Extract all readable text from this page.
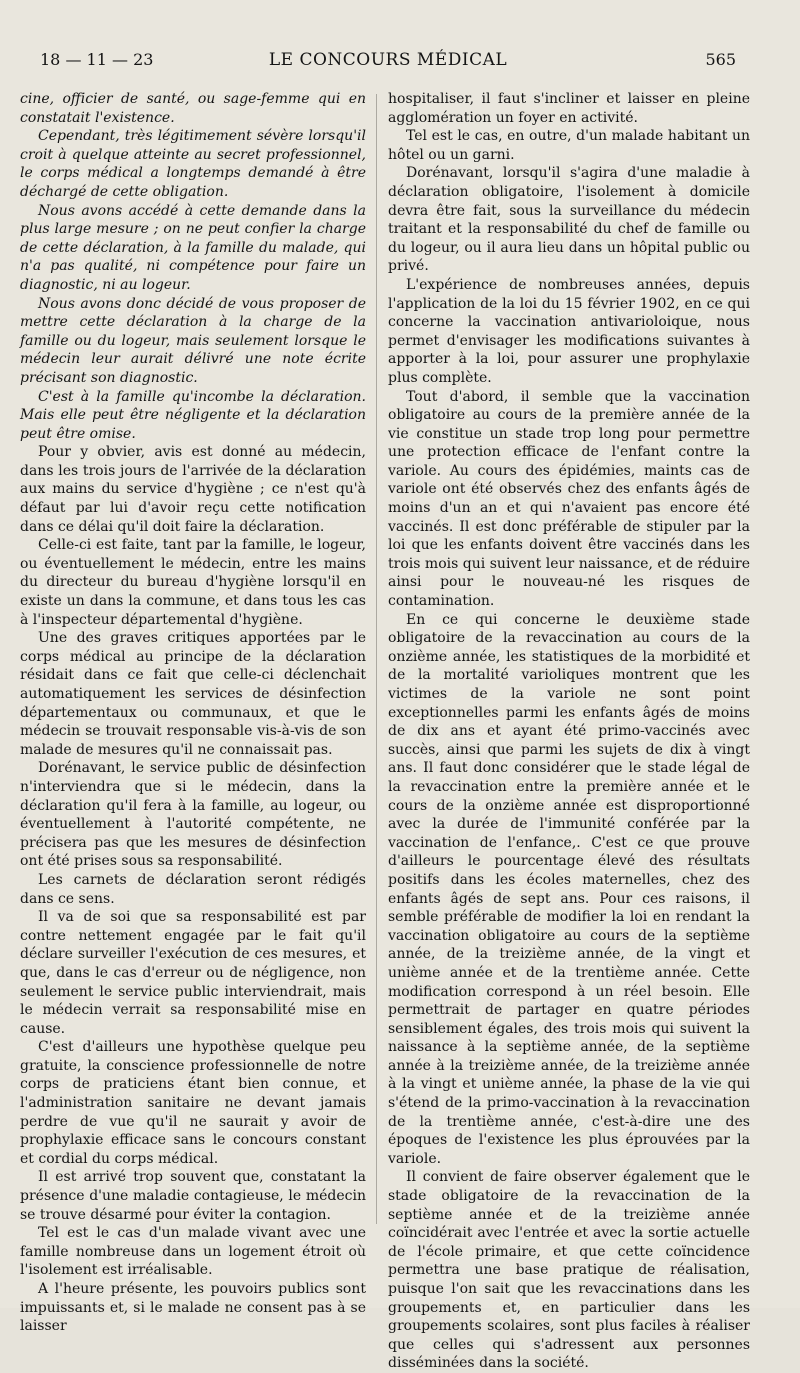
18 — 11 — 23	LE CONCOURS MÉDICAL	565

cine, officier de santé, ou sage-femme qui en constatait l'existence.

Cependant, très légitimement sévère lorsqu'il croit à quelque atteinte au secret professionnel, le corps médical a longtemps demandé à être déchargé de cette obligation.

Nous avons accédé à cette demande dans la plus large mesure ; on ne peut confier la charge de cette déclaration, à la famille du malade, qui n'a pas qualité, ni compétence pour faire un diagnostic, ni au logeur.

Nous avons donc décidé de vous proposer de mettre cette déclaration à la charge de la famille ou du logeur, mais seulement lorsque le médecin leur aurait délivré une note écrite précisant son diagnostic.

C'est à la famille qu'incombe la déclaration. Mais elle peut être négligente et la déclaration peut être omise.

Pour y obvier, avis est donné au médecin, dans les trois jours de l'arrivée de la déclaration aux mains du service d'hygiène ; ce n'est qu'à défaut par lui d'avoir reçu cette notification dans ce délai qu'il doit faire la déclaration.

Celle-ci est faite, tant par la famille, le logeur, ou éventuellement le médecin, entre les mains du directeur du bureau d'hygiène lorsqu'il en existe un dans la commune, et dans tous les cas à l'inspecteur départemental d'hygiène.

Une des graves critiques apportées par le corps médical au principe de la déclaration résidait dans ce fait que celle-ci déclenchait automatiquement les services de désinfection départementaux ou communaux, et que le médecin se trouvait responsable vis-à-vis de son malade de mesures qu'il ne connaissait pas.

Dorénavant, le service public de désinfection n'interviendra que si le médecin, dans la déclaration qu'il fera à la famille, au logeur, ou éventuellement à l'autorité compétente, ne précisera pas que les mesures de désinfection ont été prises sous sa responsabilité.

Les carnets de déclaration seront rédigés dans ce sens.

Il va de soi que sa responsabilité est par contre nettement engagée par le fait qu'il déclare surveiller l'exécution de ces mesures, et que, dans le cas d'erreur ou de négligence, non seulement le service public interviendrait, mais le médecin verrait sa responsabilité mise en cause.

C'est d'ailleurs une hypothèse quelque peu gratuite, la conscience professionnelle de notre corps de praticiens étant bien connue, et l'administration sanitaire ne devant jamais perdre de vue qu'il ne saurait y avoir de prophylaxie efficace sans le concours constant et cordial du corps médical.

Il est arrivé trop souvent que, constatant la présence d'une maladie contagieuse, le médecin se trouve désarmé pour éviter la contagion.

Tel est le cas d'un malade vivant avec une famille nombreuse dans un logement étroit où l'isolement est irréalisable.

A l'heure présente, les pouvoirs publics sont impuissants et, si le malade ne consent pas à se laisser

hospitaliser, il faut s'incliner et laisser en pleine agglomération un foyer en activité.

Tel est le cas, en outre, d'un malade habitant un hôtel ou un garni.

Dorénavant, lorsqu'il s'agira d'une maladie à déclaration obligatoire, l'isolement à domicile devra être fait, sous la surveillance du médecin traitant et la responsabilité du chef de famille ou du logeur, ou il aura lieu dans un hôpital public ou privé.

L'expérience de nombreuses années, depuis l'application de la loi du 15 février 1902, en ce qui concerne la vaccination antivarioloique, nous permet d'envisager les modifications suivantes à apporter à la loi, pour assurer une prophylaxie plus complète.

Tout d'abord, il semble que la vaccination obligatoire au cours de la première année de la vie constitue un stade trop long pour permettre une protection efficace de l'enfant contre la variole. Au cours des épidémies, maints cas de variole ont été observés chez des enfants âgés de moins d'un an et qui n'avaient pas encore été vaccinés. Il est donc préférable de stipuler par la loi que les enfants doivent être vaccinés dans les trois mois qui suivent leur naissance, et de réduire ainsi pour le nouveau-né les risques de contamination.

En ce qui concerne le deuxième stade obligatoire de la revaccination au cours de la onzième année, les statistiques de la morbidité et de la mortalité varioliques montrent que les victimes de la variole ne sont point exceptionnelles parmi les enfants âgés de moins de dix ans et ayant été primo-vaccinés avec succès, ainsi que parmi les sujets de dix à vingt ans. Il faut donc considérer que le stade légal de la revaccination entre la première année et le cours de la onzième année est disproportionné avec la durée de l'immunité conférée par la vaccination de l'enfance,. C'est ce que prouve d'ailleurs le pourcentage élevé des résultats positifs dans les écoles maternelles, chez des enfants âgés de sept ans. Pour ces raisons, il semble préférable de modifier la loi en rendant la vaccination obligatoire au cours de la septième année, de la treizième année, de la vingt et unième année et de la trentième année. Cette modification correspond à un réel besoin. Elle permettrait de partager en quatre périodes sensiblement égales, des trois mois qui suivent la naissance à la septième année, de la septième année à la treizième année, de la treizième année à la vingt et unième année, la phase de la vie qui s'étend de la primo-vaccination à la revaccination de la trentième année, c'est-à-dire une des époques de l'existence les plus éprouvées par la variole.

Il convient de faire observer également que le stade obligatoire de la revaccination de la septième année et de la treizième année coïncidérait avec l'entrée et avec la sortie actuelle de l'école primaire, et que cette coïncidence permettra une base pratique de réalisation, puisque l'on sait que les revaccinations dans les groupements et, en particulier dans les groupements scolaires, sont plus faciles à réaliser que celles qui s'adressent aux personnes disséminées dans la société.
